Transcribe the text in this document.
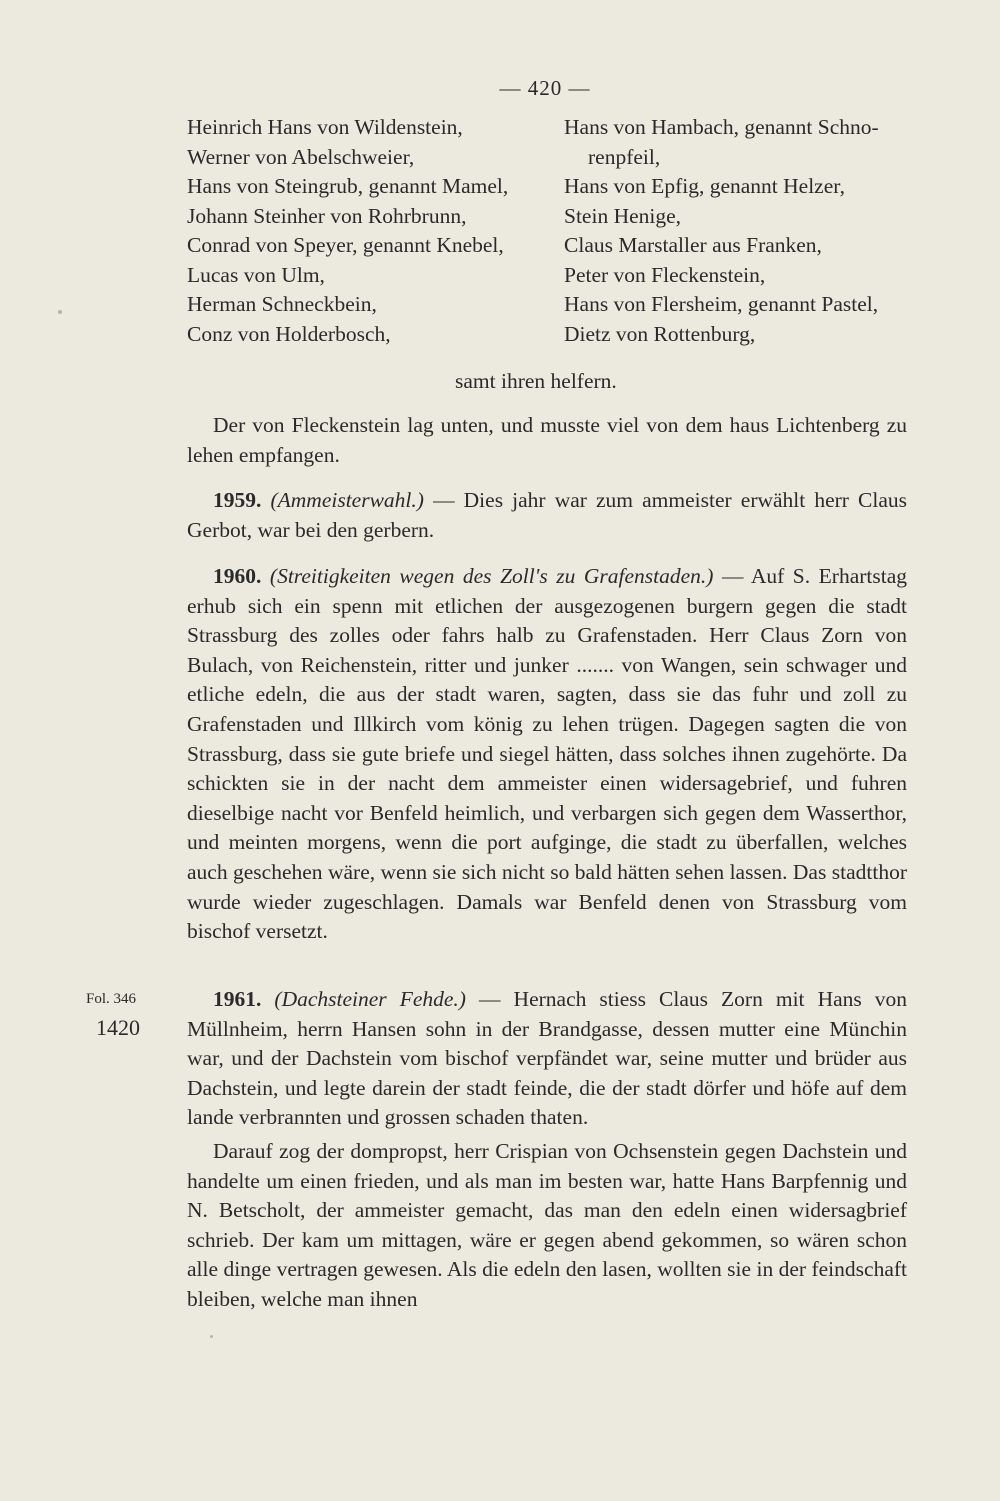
— 420 —
Heinrich Hans von Wildenstein,	Hans von Hambach, genannt Schno-
Werner von Abelschweier,	renpfeil,
Hans von Steingrub, genannt Mamel,	Hans von Epfig, genannt Helzer,
Johann Steinher von Rohrbrunn,	Stein Henige,
Conrad von Speyer, genannt Knebel,	Claus Marstaller aus Franken,
Lucas von Ulm,	Peter von Fleckenstein,
Herman Schneckbein,	Hans von Flersheim, genannt Pastel,
Conz von Holderbosch,	Dietz von Rottenburg,
samt ihren helfern.
Der von Fleckenstein lag unten, und musste viel von dem haus Lichtenberg zu lehen empfangen.
1959. (Ammeisterwahl.) — Dies jahr war zum ammeister erwählt herr Claus Gerbot, war bei den gerbern.
1960. (Streitigkeiten wegen des Zoll's zu Grafenstaden.) — Auf S. Erhartstag erhub sich ein spenn mit etlichen der ausgezogenen burgern gegen die stadt Strassburg des zolles oder fahrs halb zu Grafenstaden. Herr Claus Zorn von Bulach, von Reichenstein, ritter und junker ....... von Wangen, sein schwager und etliche edeln, die aus der stadt waren, sagten, dass sie das fuhr und zoll zu Grafenstaden und Illkirch vom könig zu lehen trügen. Dagegen sagten die von Strassburg, dass sie gute briefe und siegel hätten, dass solches ihnen zugehörte. Da schickten sie in der nacht dem ammeister einen widersagebrief, und fuhren dieselbige nacht vor Benfeld heimlich, und verbargen sich gegen dem Wasserthor, und meinten morgens, wenn die port aufginge, die stadt zu überfallen, welches auch geschehen wäre, wenn sie sich nicht so bald hätten sehen lassen. Das stadtthor wurde wieder zugeschlagen. Damals war Benfeld denen von Strassburg vom bischof versetzt.
Fol. 346
1420
1961. (Dachsteiner Fehde.) — Hernach stiess Claus Zorn mit Hans von Müllnheim, herrn Hansen sohn in der Brandgasse, dessen mutter eine Münchin war, und der Dachstein vom bischof verpfändet war, seine mutter und brüder aus Dachstein, und legte darein der stadt feinde, die der stadt dörfer und höfe auf dem lande verbrannten und grossen schaden thaten.
Darauf zog der dompropst, herr Crispian von Ochsenstein gegen Dachstein und handelte um einen frieden, und als man im besten war, hatte Hans Barpfennig und N. Betscholt, der ammeister gemacht, das man den edeln einen widersagbrief schrieb. Der kam um mittagen, wäre er gegen abend gekommen, so wären schon alle dinge vertragen gewesen. Als die edeln den lasen, wollten sie in der feindschaft bleiben, welche man ihnen
